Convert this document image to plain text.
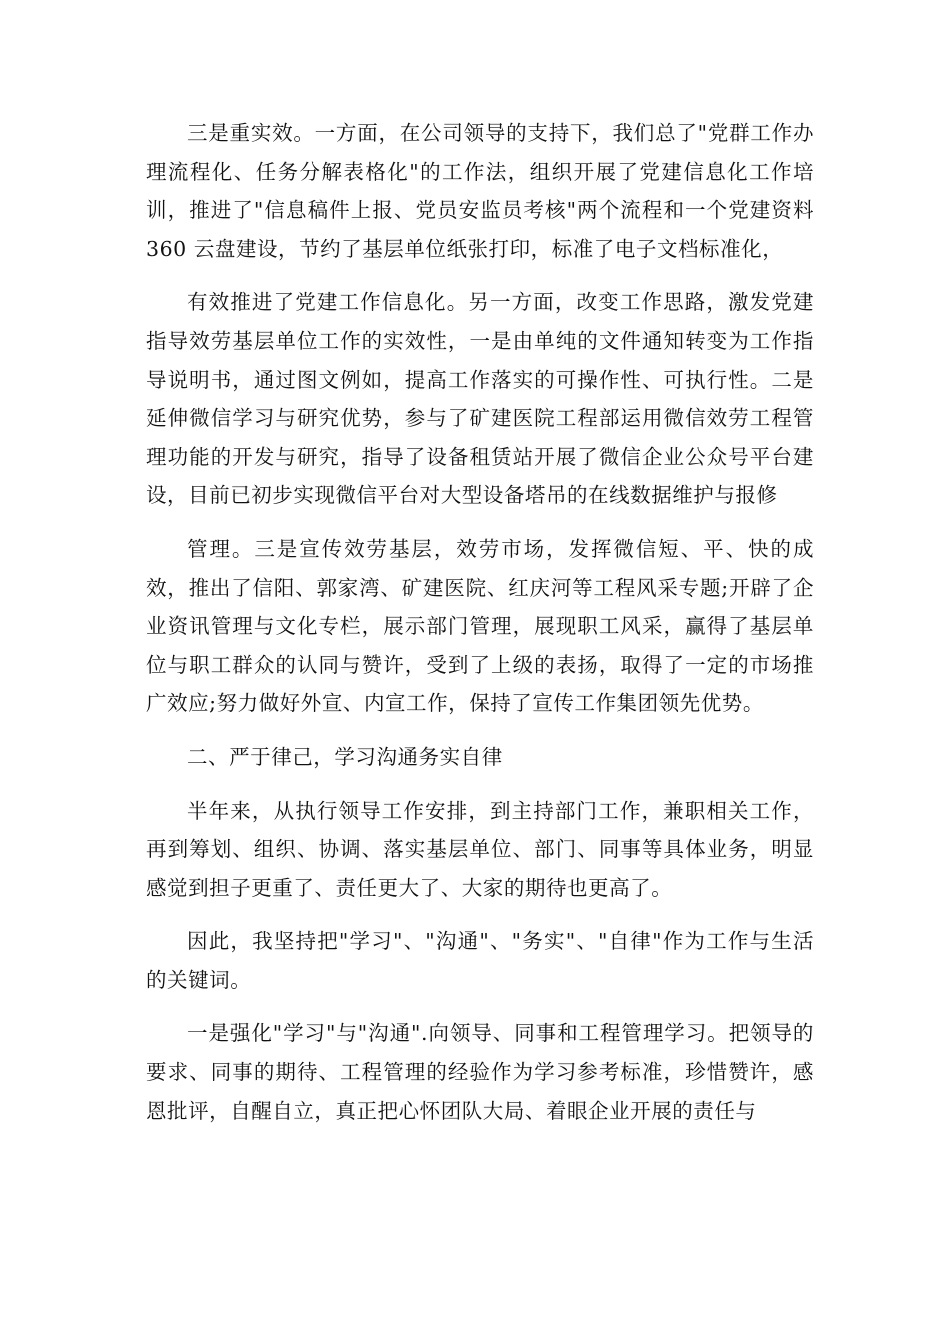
三是重实效。一方面，在公司领导的支持下，我们总了"党群工作办理流程化、任务分解表格化"的工作法，组织开展了党建信息化工作培训，推进了"信息稿件上报、党员安监员考核"两个流程和一个党建资料 360 云盘建设，节约了基层单位纸张打印，标准了电子文档标准化，

有效推进了党建工作信息化。另一方面，改变工作思路，激发党建指导效劳基层单位工作的实效性，一是由单纯的文件通知转变为工作指导说明书，通过图文例如，提高工作落实的可操作性、可执行性。二是延伸微信学习与研究优势，参与了矿建医院工程部运用微信效劳工程管理功能的开发与研究，指导了设备租赁站开展了微信企业公众号平台建设，目前已初步实现微信平台对大型设备塔吊的在线数据维护与报修

管理。三是宣传效劳基层，效劳市场，发挥微信短、平、快的成效，推出了信阳、郭家湾、矿建医院、红庆河等工程风采专题;开辟了企业资讯管理与文化专栏，展示部门管理，展现职工风采，赢得了基层单位与职工群众的认同与赞许，受到了上级的表扬，取得了一定的市场推广效应;努力做好外宣、内宣工作，保持了宣传工作集团领先优势。

二、严于律己，学习沟通务实自律

半年来，从执行领导工作安排，到主持部门工作，兼职相关工作，再到筹划、组织、协调、落实基层单位、部门、同事等具体业务，明显感觉到担子更重了、责任更大了、大家的期待也更高了。

因此，我坚持把"学习"、"沟通"、"务实"、"自律"作为工作与生活的关键词。

一是强化"学习"与"沟通".向领导、同事和工程管理学习。把领导的要求、同事的期待、工程管理的经验作为学习参考标准，珍惜赞许，感恩批评，自醒自立，真正把心怀团队大局、着眼企业开展的责任与
